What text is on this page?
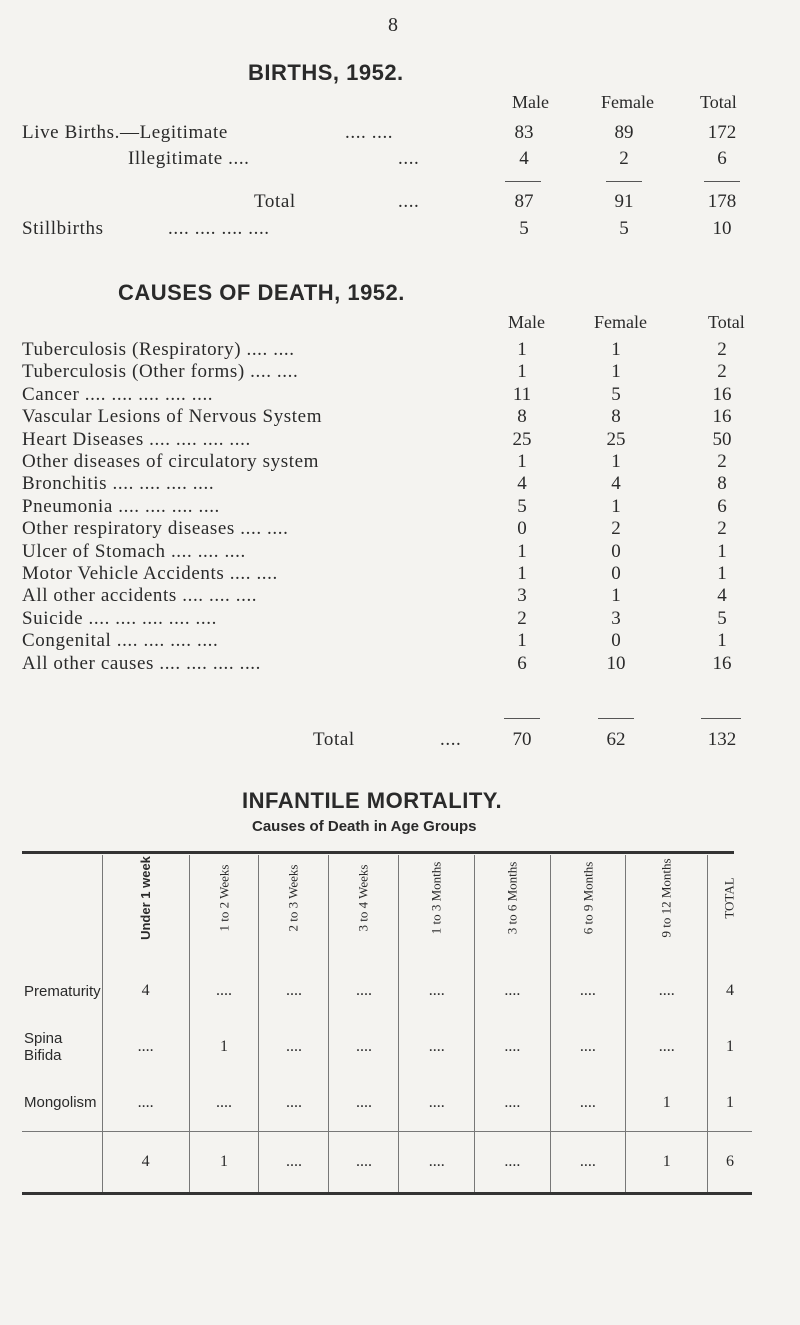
8
BIRTHS, 1952.
Male	Female	Total
Live Births.—Legitimate	.... ....	83	89	172
Illegitimate ....	....	4	2	6
Total	....	87	91	178
Stillbirths	.... .... .... ....	5	5	10
CAUSES OF DEATH, 1952.
Male	Female	Total
Tuberculosis (Respiratory) .... ....	1	1	2
Tuberculosis (Other forms) .... ....	1	1	2
Cancer .... .... .... .... ....	11	5	16
Vascular Lesions of Nervous System	8	8	16
Heart Diseases .... .... .... ....	25	25	50
Other diseases of circulatory system	1	1	2
Bronchitis .... .... .... ....	4	4	8
Pneumonia .... .... .... ....	5	1	6
Other respiratory diseases .... ....	0	2	2
Ulcer of Stomach .... .... ....	1	0	1
Motor Vehicle Accidents .... ....	1	0	1
All other accidents .... .... ....	3	1	4
Suicide .... .... .... .... ....	2	3	5
Congenital .... .... .... ....	1	0	1
All other causes .... .... .... ....	6	10	16
Total	....	70	62	132
INFANTILE MORTALITY.
Causes of Death in Age Groups
	Under 1 week	1 to 2 Weeks	2 to 3 Weeks	3 to 4 Weeks	1 to 3 Months	3 to 6 Months	6 to 9 Months	9 to 12 Months	TOTAL

Prematurity	4	....	....	....	....	....	....	....	4
Spina Bifida	....	1	....	....	....	....	....	....	1
Mongolism	....	....	....	....	....	....	....	1	1
	4	1	....	....	....	....	....	1	6
